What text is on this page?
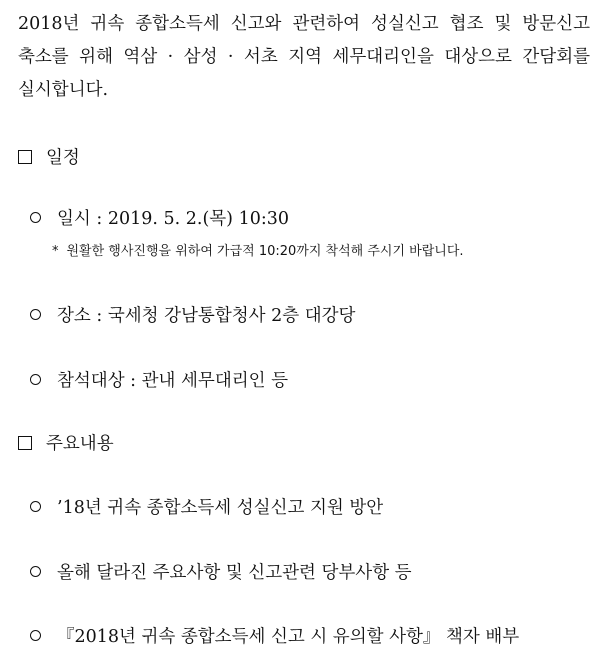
2018년 귀속 종합소득세 신고와 관련하여 성실신고 협조 및 방문신고 축소를 위해 역삼 · 삼성 · 서초 지역 세무대리인을 대상으로 간담회를 실시합니다.

일정
일시 : 2019. 5. 2.(목) 10:30
* 원활한 행사진행을 위하여 가급적 10:20까지 착석해 주시기 바랍니다.
장소 : 국세청 강남통합청사 2층 대강당
참석대상 : 관내 세무대리인 등
주요내용
’18년 귀속 종합소득세 성실신고 지원 방안
올해 달라진 주요사항 및 신고관련 당부사항 등
『2018년 귀속 종합소득세 신고 시 유의할 사항』 책자 배부
